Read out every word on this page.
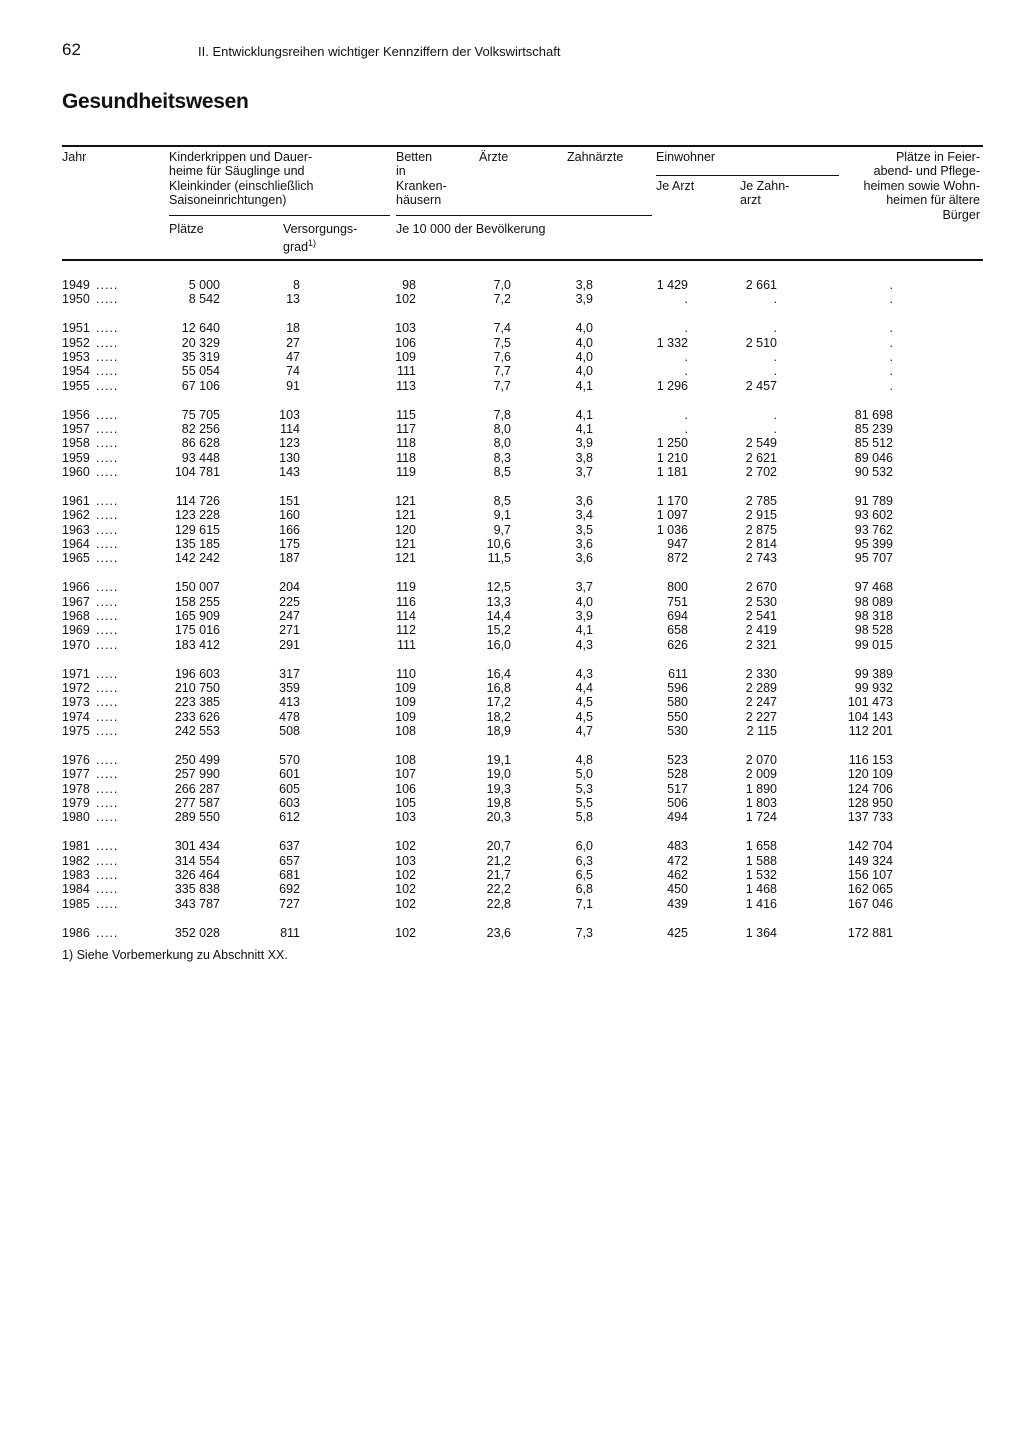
62	II. Entwicklungsreihen wichtiger Kennziffern der Volkswirtschaft
Gesundheitswesen
Jahr	Kinderkrippen und Dauer-
heime für Säuglinge und
Kleinkinder (einschließlich
Saisoneinrichtungen)
Plätze	Versorgungs-
grad$^{1)}$
Betten
in
Kranken-
häusern
Ärzte	Zahnärzte
Je 10 000 der Bevölkerung
Einwohner
Je Arzt	Je Zahn-
arzt
Plätze in Feier-
abend- und Pflege-
heimen sowie Wohn-
heimen für ältere
Bürger
1949 .....	5 000	8	98	7,0	3,8	1 429	2 661	.
1950 .....	8 542	13	102	7,2	3,9	.	.	.
1951 .....	12 640	18	103	7,4	4,0	.	.	.
1952 .....	20 329	27	106	7,5	4,0	1 332	2 510	.
1953 .....	35 319	47	109	7,6	4,0	.	.	.
1954 .....	55 054	74	111	7,7	4,0	.	.	.
1955 .....	67 106	91	113	7,7	4,1	1 296	2 457	.
1956 .....	75 705	103	115	7,8	4,1	.	.	81 698
1957 .....	82 256	114	117	8,0	4,1	.	.	85 239
1958 .....	86 628	123	118	8,0	3,9	1 250	2 549	85 512
1959 .....	93 448	130	118	8,3	3,8	1 210	2 621	89 046
1960 .....	104 781	143	119	8,5	3,7	1 181	2 702	90 532
1961 .....	114 726	151	121	8,5	3,6	1 170	2 785	91 789
1962 .....	123 228	160	121	9,1	3,4	1 097	2 915	93 602
1963 .....	129 615	166	120	9,7	3,5	1 036	2 875	93 762
1964 .....	135 185	175	121	10,6	3,6	947	2 814	95 399
1965 .....	142 242	187	121	11,5	3,6	872	2 743	95 707
1966 .....	150 007	204	119	12,5	3,7	800	2 670	97 468
1967 .....	158 255	225	116	13,3	4,0	751	2 530	98 089
1968 .....	165 909	247	114	14,4	3,9	694	2 541	98 318
1969 .....	175 016	271	112	15,2	4,1	658	2 419	98 528
1970 .....	183 412	291	111	16,0	4,3	626	2 321	99 015
1971 .....	196 603	317	110	16,4	4,3	611	2 330	99 389
1972 .....	210 750	359	109	16,8	4,4	596	2 289	99 932
1973 .....	223 385	413	109	17,2	4,5	580	2 247	101 473
1974 .....	233 626	478	109	18,2	4,5	550	2 227	104 143
1975 .....	242 553	508	108	18,9	4,7	530	2 115	112 201
1976 .....	250 499	570	108	19,1	4,8	523	2 070	116 153
1977 .....	257 990	601	107	19,0	5,0	528	2 009	120 109
1978 .....	266 287	605	106	19,3	5,3	517	1 890	124 706
1979 .....	277 587	603	105	19,8	5,5	506	1 803	128 950
1980 .....	289 550	612	103	20,3	5,8	494	1 724	137 733
1981 .....	301 434	637	102	20,7	6,0	483	1 658	142 704
1982 .....	314 554	657	103	21,2	6,3	472	1 588	149 324
1983 .....	326 464	681	102	21,7	6,5	462	1 532	156 107
1984 .....	335 838	692	102	22,2	6,8	450	1 468	162 065
1985 .....	343 787	727	102	22,8	7,1	439	1 416	167 046
1986 .....	352 028	811	102	23,6	7,3	425	1 364	172 881
1) Siehe Vorbemerkung zu Abschnitt XX.
